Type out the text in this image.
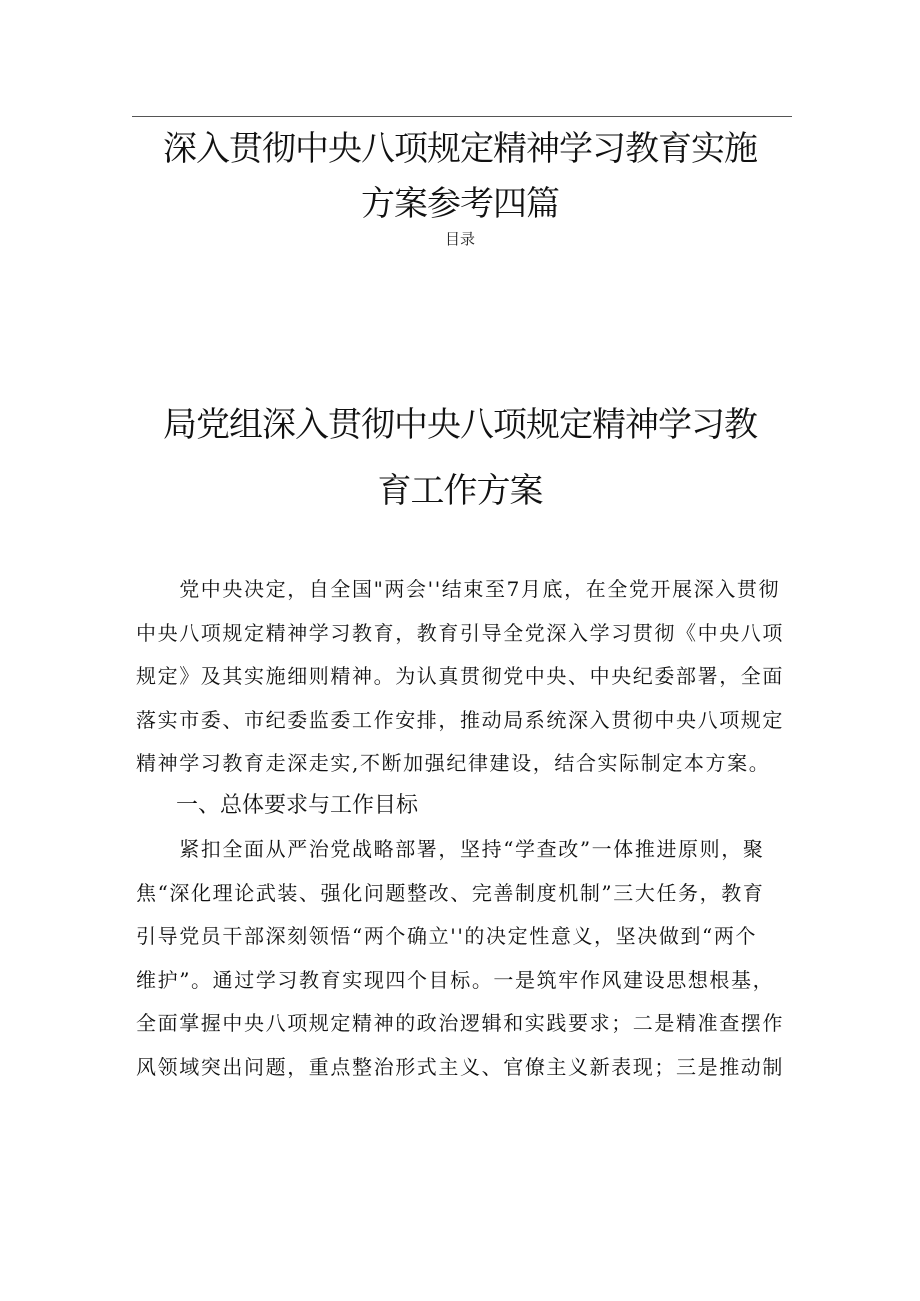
深入贯彻中央八项规定精神学习教育实施
方案参考四篇
目录
局党组深入贯彻中央八项规定精神学习教
育工作方案
　　党中央决定，自全国"两会''结束至7月底，在全党开展深入贯彻
中央八项规定精神学习教育，教育引导全党深入学习贯彻《中央八项
规定》及其实施细则精神。为认真贯彻党中央、中央纪委部署，全面
落实市委、市纪委监委工作安排，推动局系统深入贯彻中央八项规定
精神学习教育走深走实,不断加强纪律建设，结合实际制定本方案。
一、总体要求与工作目标
　　紧扣全面从严治党战略部署，坚持“学查改”一体推进原则，聚
焦“深化理论武装、强化问题整改、完善制度机制”三大任务，教育
引导党员干部深刻领悟“两个确立''的决定性意义，坚决做到“两个
维护”。通过学习教育实现四个目标。一是筑牢作风建设思想根基，
全面掌握中央八项规定精神的政治逻辑和实践要求；二是精准查摆作
风领域突出问题，重点整治形式主义、官僚主义新表现；三是推动制
